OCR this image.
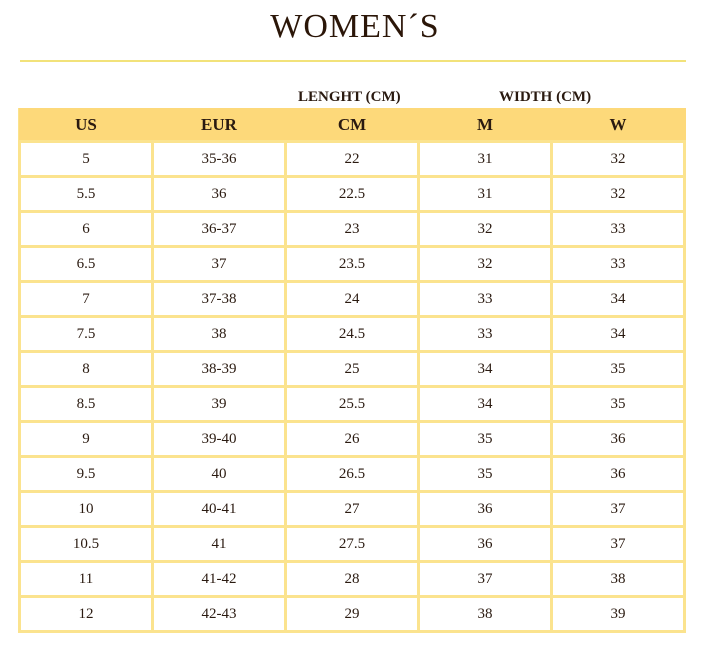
WOMEN´S
LENGHT (CM)	WIDTH (CM)
US	EUR	CM	M	W
5	35-36	22	31	32
5.5	36	22.5	31	32
6	36-37	23	32	33
6.5	37	23.5	32	33
7	37-38	24	33	34
7.5	38	24.5	33	34
8	38-39	25	34	35
8.5	39	25.5	34	35
9	39-40	26	35	36
9.5	40	26.5	35	36
10	40-41	27	36	37
10.5	41	27.5	36	37
11	41-42	28	37	38
12	42-43	29	38	39
